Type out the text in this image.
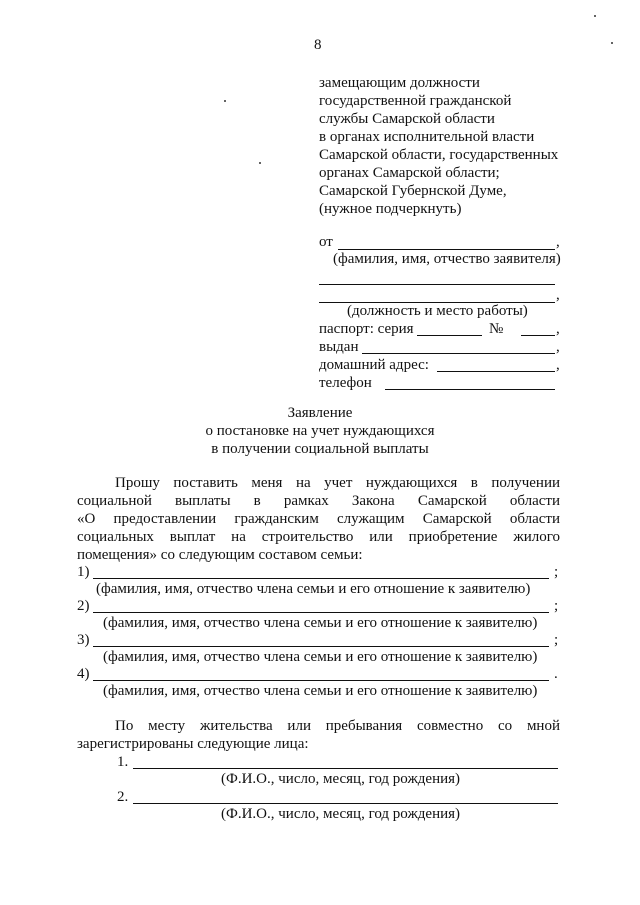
8
замещающим должности
государственной гражданской
службы Самарской области
в органах исполнительной власти
Самарской области, государственных
органах Самарской области;
Самарской Губернской Думе,
(нужное подчеркнуть)
от	,
(фамилия, имя, отчество заявителя)
,
(должность и место работы)
паспорт: серия	№	,
выдан	,
домашний адрес:	,
телефон
Заявление
о постановке на учет нуждающихся
в получении социальной выплаты
Прошу поставить меня на учет нуждающихся в получении
социальной выплаты в рамках Закона Самарской области
«О предоставлении гражданским служащим Самарской области
социальных выплат на строительство или приобретение жилого
помещения» со следующим составом семьи:
1)	;
(фамилия, имя, отчество члена семьи и его отношение к заявителю)
2)	;
(фамилия, имя, отчество члена семьи и его отношение к заявителю)
3)	;
(фамилия, имя, отчество члена семьи и его отношение к заявителю)
4)	.
(фамилия, имя, отчество члена семьи и его отношение к заявителю)
По месту жительства или пребывания совместно со мной
зарегистрированы следующие лица:
1.
(Ф.И.О., число, месяц, год рождения)
2.
(Ф.И.О., число, месяц, год рождения)
